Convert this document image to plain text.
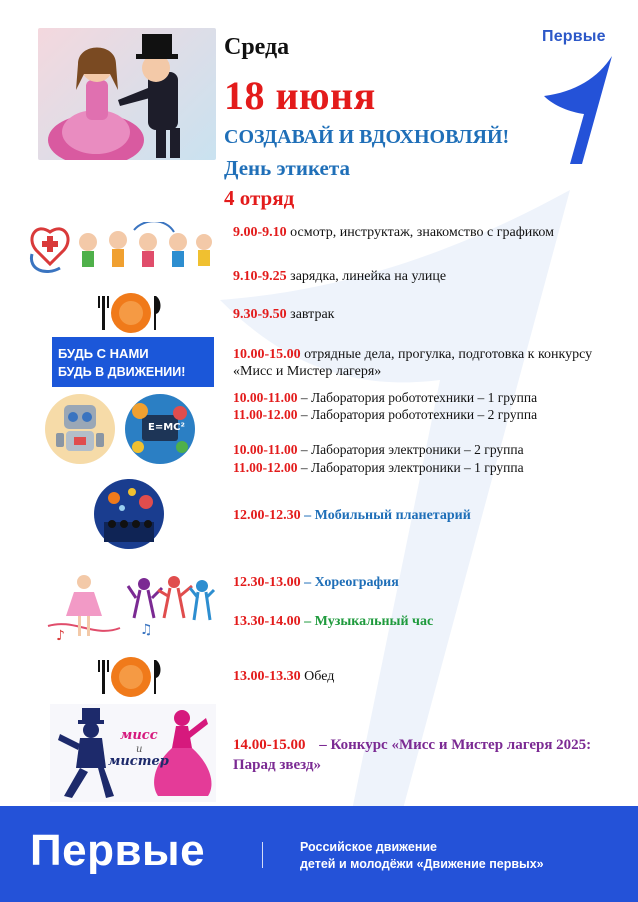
Первые
Среда
18 июня
СОЗДАВАЙ И ВДОХНОВЛЯЙ!
День этикета
4 отряд
БУДЬ С НАМИ
БУДЬ В ДВИЖЕНИИ!
E=MC²
♪	♫
мисс
и
мистер
9.00-9.10 осмотр, инструктаж, знакомство с графиком
9.10-9.25 зарядка, линейка на улице
9.30-9.50 завтрак
10.00-15.00 отрядные дела, прогулка, подготовка к конкурсу «Мисс и Мистер лагеря»
10.00-11.00 – Лаборатория робототехники – 1 группа
11.00-12.00 – Лаборатория робототехники – 2 группа
10.00-11.00 – Лаборатория электроники – 2 группа
11.00-12.00 – Лаборатория электроники – 1 группа
12.00-12.30 – Мобильный планетарий
12.30-13.00 – Хореография
13.30-14.00 – Музыкальный час
13.00-13.30 Обед
14.00-15.00 – Конкурс «Мисс и Мистер лагеря 2025: Парад звезд»
Первые	Российское движение
детей и молодёжи «Движение первых»
